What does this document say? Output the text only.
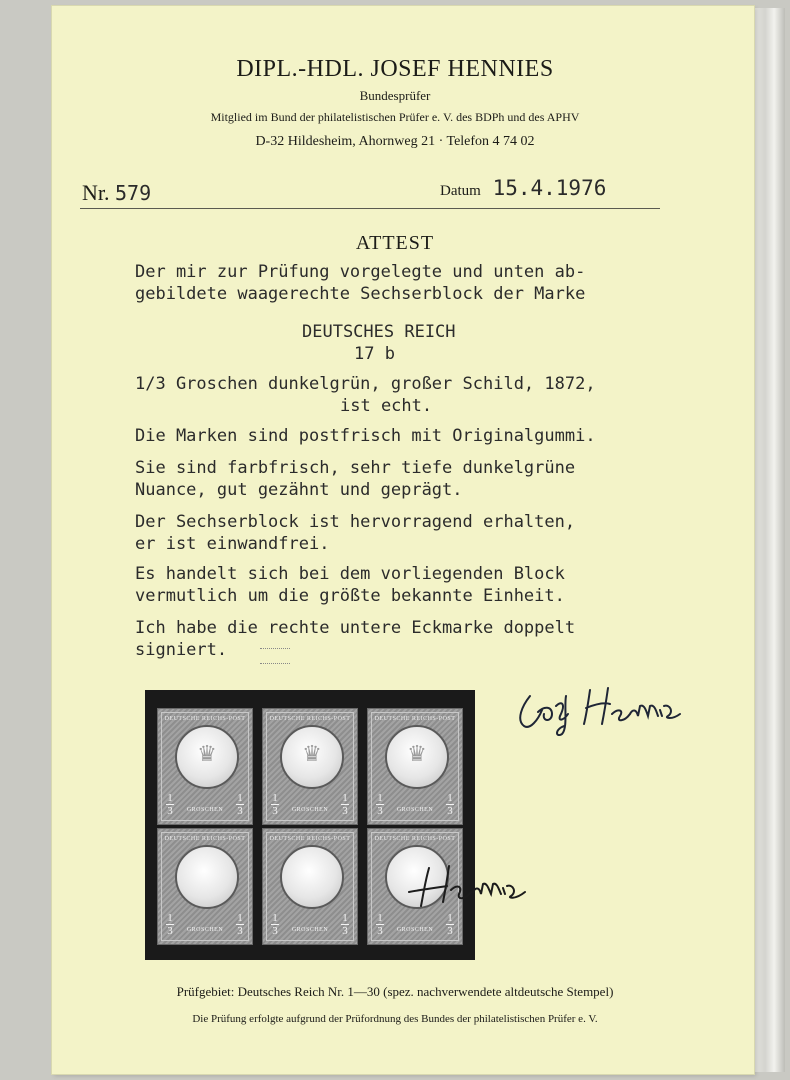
DIPL.-HDL. JOSEF HENNIES
Bundesprüfer
Mitglied im Bund der philatelistischen Prüfer e. V. des BDPh und des APHV
D-32 Hildesheim, Ahornweg 21 · Telefon 4 74 02
Nr. 579	Datum 15.4.1976
ATTEST
Der mir zur Prüfung vorgelegte und unten ab-
gebildete waagerechte Sechserblock der Marke
DEUTSCHES REICH
17 b
1/3 Groschen dunkelgrün, großer Schild, 1872,
ist echt.
Die Marken sind postfrisch mit Originalgummi.
Sie sind farbfrisch, sehr tiefe dunkelgrüne
Nuance, gut gezähnt und geprägt.
Der Sechserblock ist hervorragend erhalten,
er ist einwandfrei.
Es handelt sich bei dem vorliegenden Block
vermutlich um die größte bekannte Einheit.
Ich habe die rechte untere Eckmarke doppelt
signiert.
DEUTSCHE REICHS-POST
♛
1
3
1
3
GROSCHEN
DEUTSCHE REICHS-POST
♛
1
3
1
3
GROSCHEN
DEUTSCHE REICHS-POST
♛
1
3
1
3
GROSCHEN
DEUTSCHE REICHS-POST
1
3
1
3
GROSCHEN
DEUTSCHE REICHS-POST
1
3
1
3
GROSCHEN
DEUTSCHE REICHS-POST
1
3
1
3
GROSCHEN
Prüfgebiet: Deutsches Reich Nr. 1—30 (spez. nachverwendete altdeutsche Stempel)
Die Prüfung erfolgte aufgrund der Prüfordnung des Bundes der philatelistischen Prüfer e. V.
